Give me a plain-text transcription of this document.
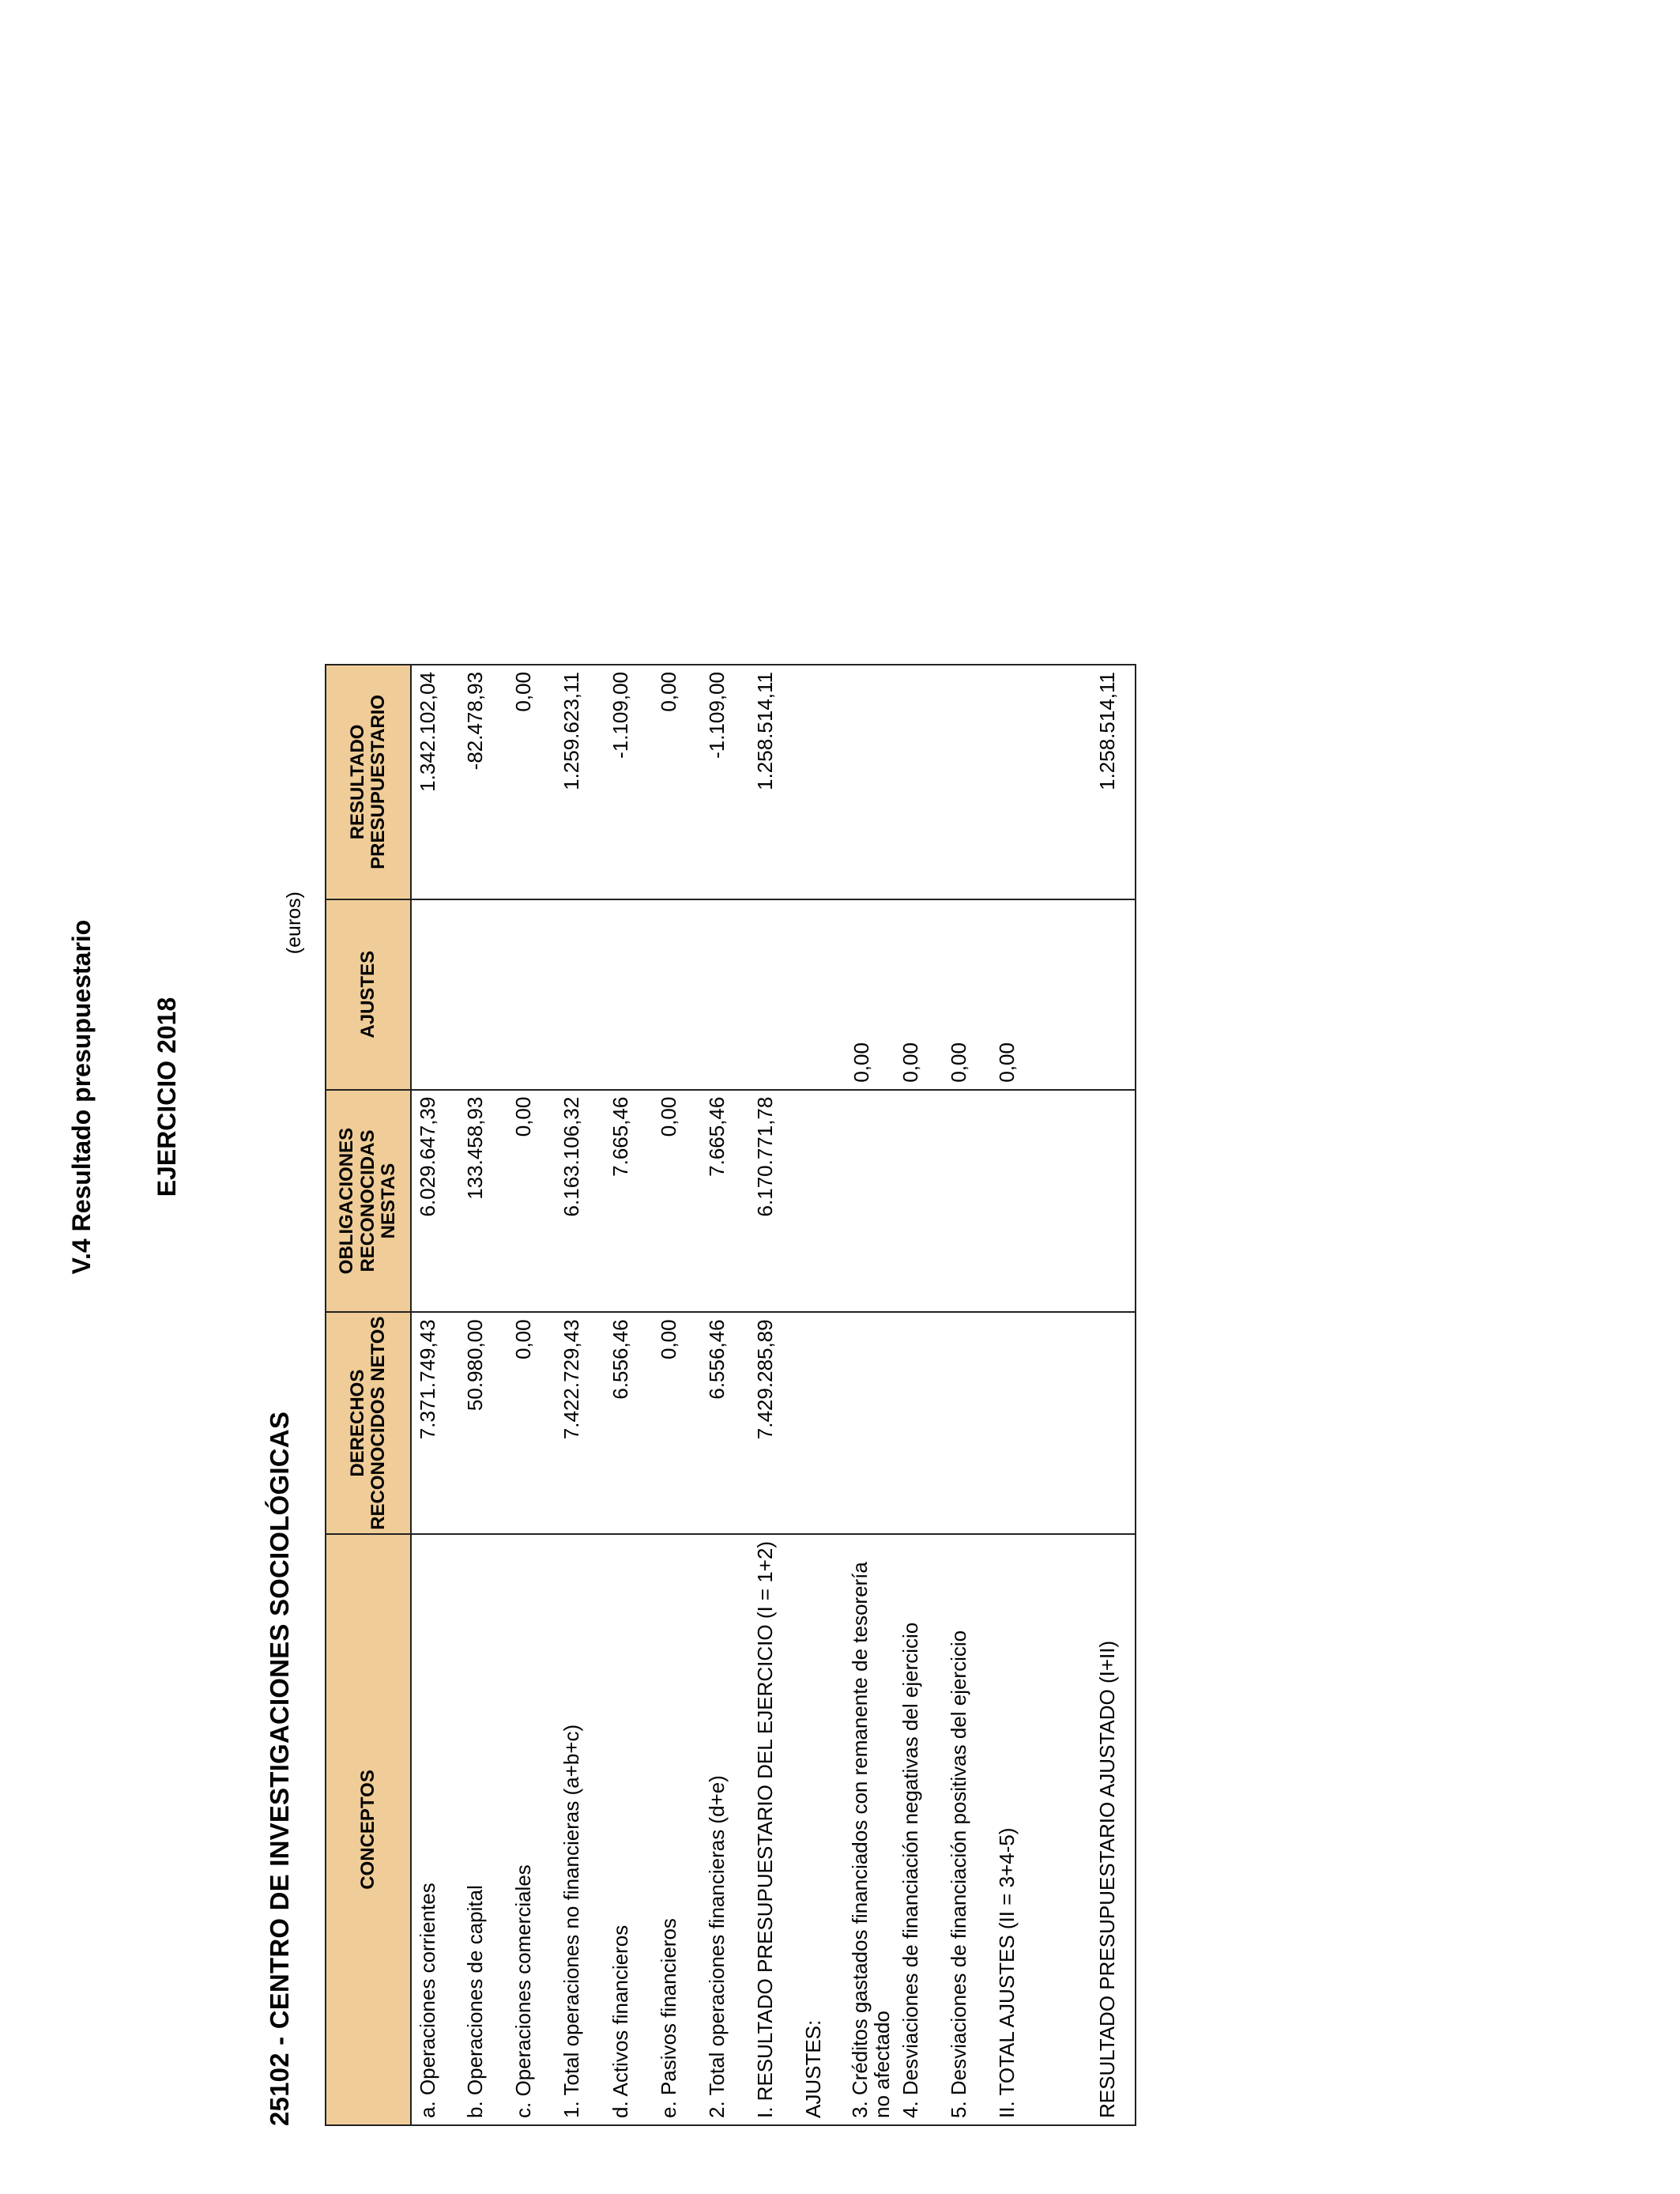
V.4 Resultado presupuestario EJERCICIO 2018
25102 - CENTRO DE INVESTIGACIONES SOCIOLÓGICAS
(euros)
CONCEPTOS	DERECHOS RECONOCIDOS NETOS	OBLIGACIONES RECONOCIDAS NESTAS	AJUSTES	RESULTADO PRESUPUESTARIO
a. Operaciones corrientes	7.371.749,43	6.029.647,39		1.342.102,04
b. Operaciones de capital	50.980,00	133.458,93		-82.478,93
c. Operaciones comerciales	0,00	0,00		0,00
1. Total operaciones no financieras (a+b+c)	7.422.729,43	6.163.106,32		1.259.623,11
d. Activos financieros	6.556,46	7.665,46		-1.109,00
e. Pasivos financieros	0,00	0,00		0,00
2. Total operaciones financieras (d+e)	6.556,46	7.665,46		-1.109,00
I. RESULTADO PRESUPUESTARIO DEL EJERCICIO (I = 1+2)	7.429.285,89	6.170.771,78		1.258.514,11
AJUSTES:				
3. Créditos gastados financiados con remanente de tesorería no afectado			0,00	
4. Desviaciones de financiación negativas del ejercicio			0,00	
5. Desviaciones de financiación positivas del ejercicio			0,00	
II. TOTAL AJUSTES (II = 3+4-5)			0,00	

RESULTADO PRESUPUESTARIO AJUSTADO (I+II)				1.258.514,11
